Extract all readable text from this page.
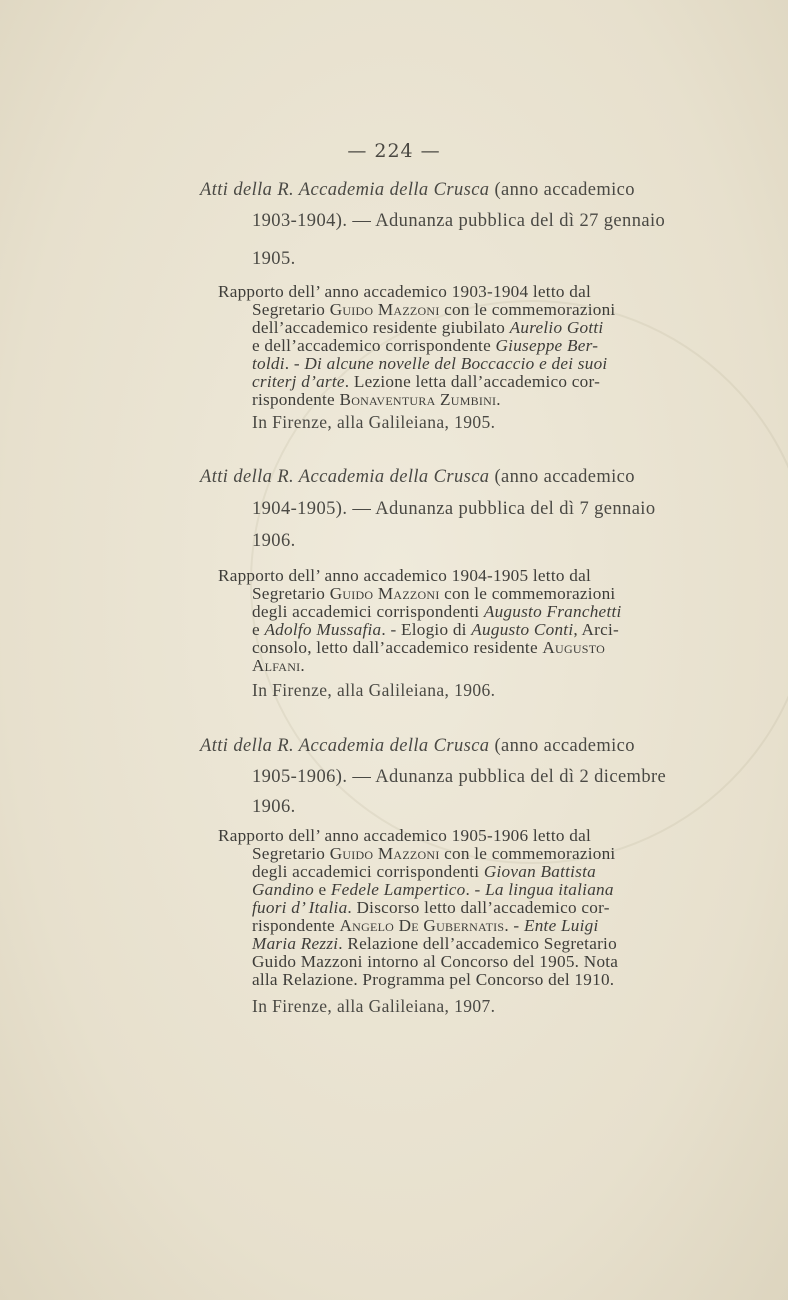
— 224 —
Atti della R. Accademia della Crusca (anno accademico
1903-1904). — Adunanza pubblica del dì 27 gennaio
1905.
Rapporto dell’ anno accademico 1903-1904 letto dal
Segretario Guido Mazzoni con le commemorazioni
dell’accademico residente giubilato Aurelio Gotti
e dell’accademico corrispondente Giuseppe Ber-
toldi. - Di alcune novelle del Boccaccio e dei suoi
criterj d’arte. Lezione letta dall’accademico cor-
rispondente Bonaventura Zumbini.
In Firenze, alla Galileiana, 1905.
Atti della R. Accademia della Crusca (anno accademico
1904-1905). — Adunanza pubblica del dì 7 gennaio
1906.
Rapporto dell’ anno accademico 1904-1905 letto dal
Segretario Guido Mazzoni con le commemorazioni
degli accademici corrispondenti Augusto Franchetti
e Adolfo Mussafia. - Elogio di Augusto Conti, Arci-
consolo, letto dall’accademico residente Augusto
Alfani.
In Firenze, alla Galileiana, 1906.
Atti della R. Accademia della Crusca (anno accademico
1905-1906). — Adunanza pubblica del dì 2 dicembre
1906.
Rapporto dell’ anno accademico 1905-1906 letto dal
Segretario Guido Mazzoni con le commemorazioni
degli accademici corrispondenti Giovan Battista
Gandino e Fedele Lampertico. - La lingua italiana
fuori d’ Italia. Discorso letto dall’accademico cor-
rispondente Angelo De Gubernatis. - Ente Luigi
Maria Rezzi. Relazione dell’accademico Segretario
Guido Mazzoni intorno al Concorso del 1905. Nota
alla Relazione. Programma pel Concorso del 1910.
In Firenze, alla Galileiana, 1907.
